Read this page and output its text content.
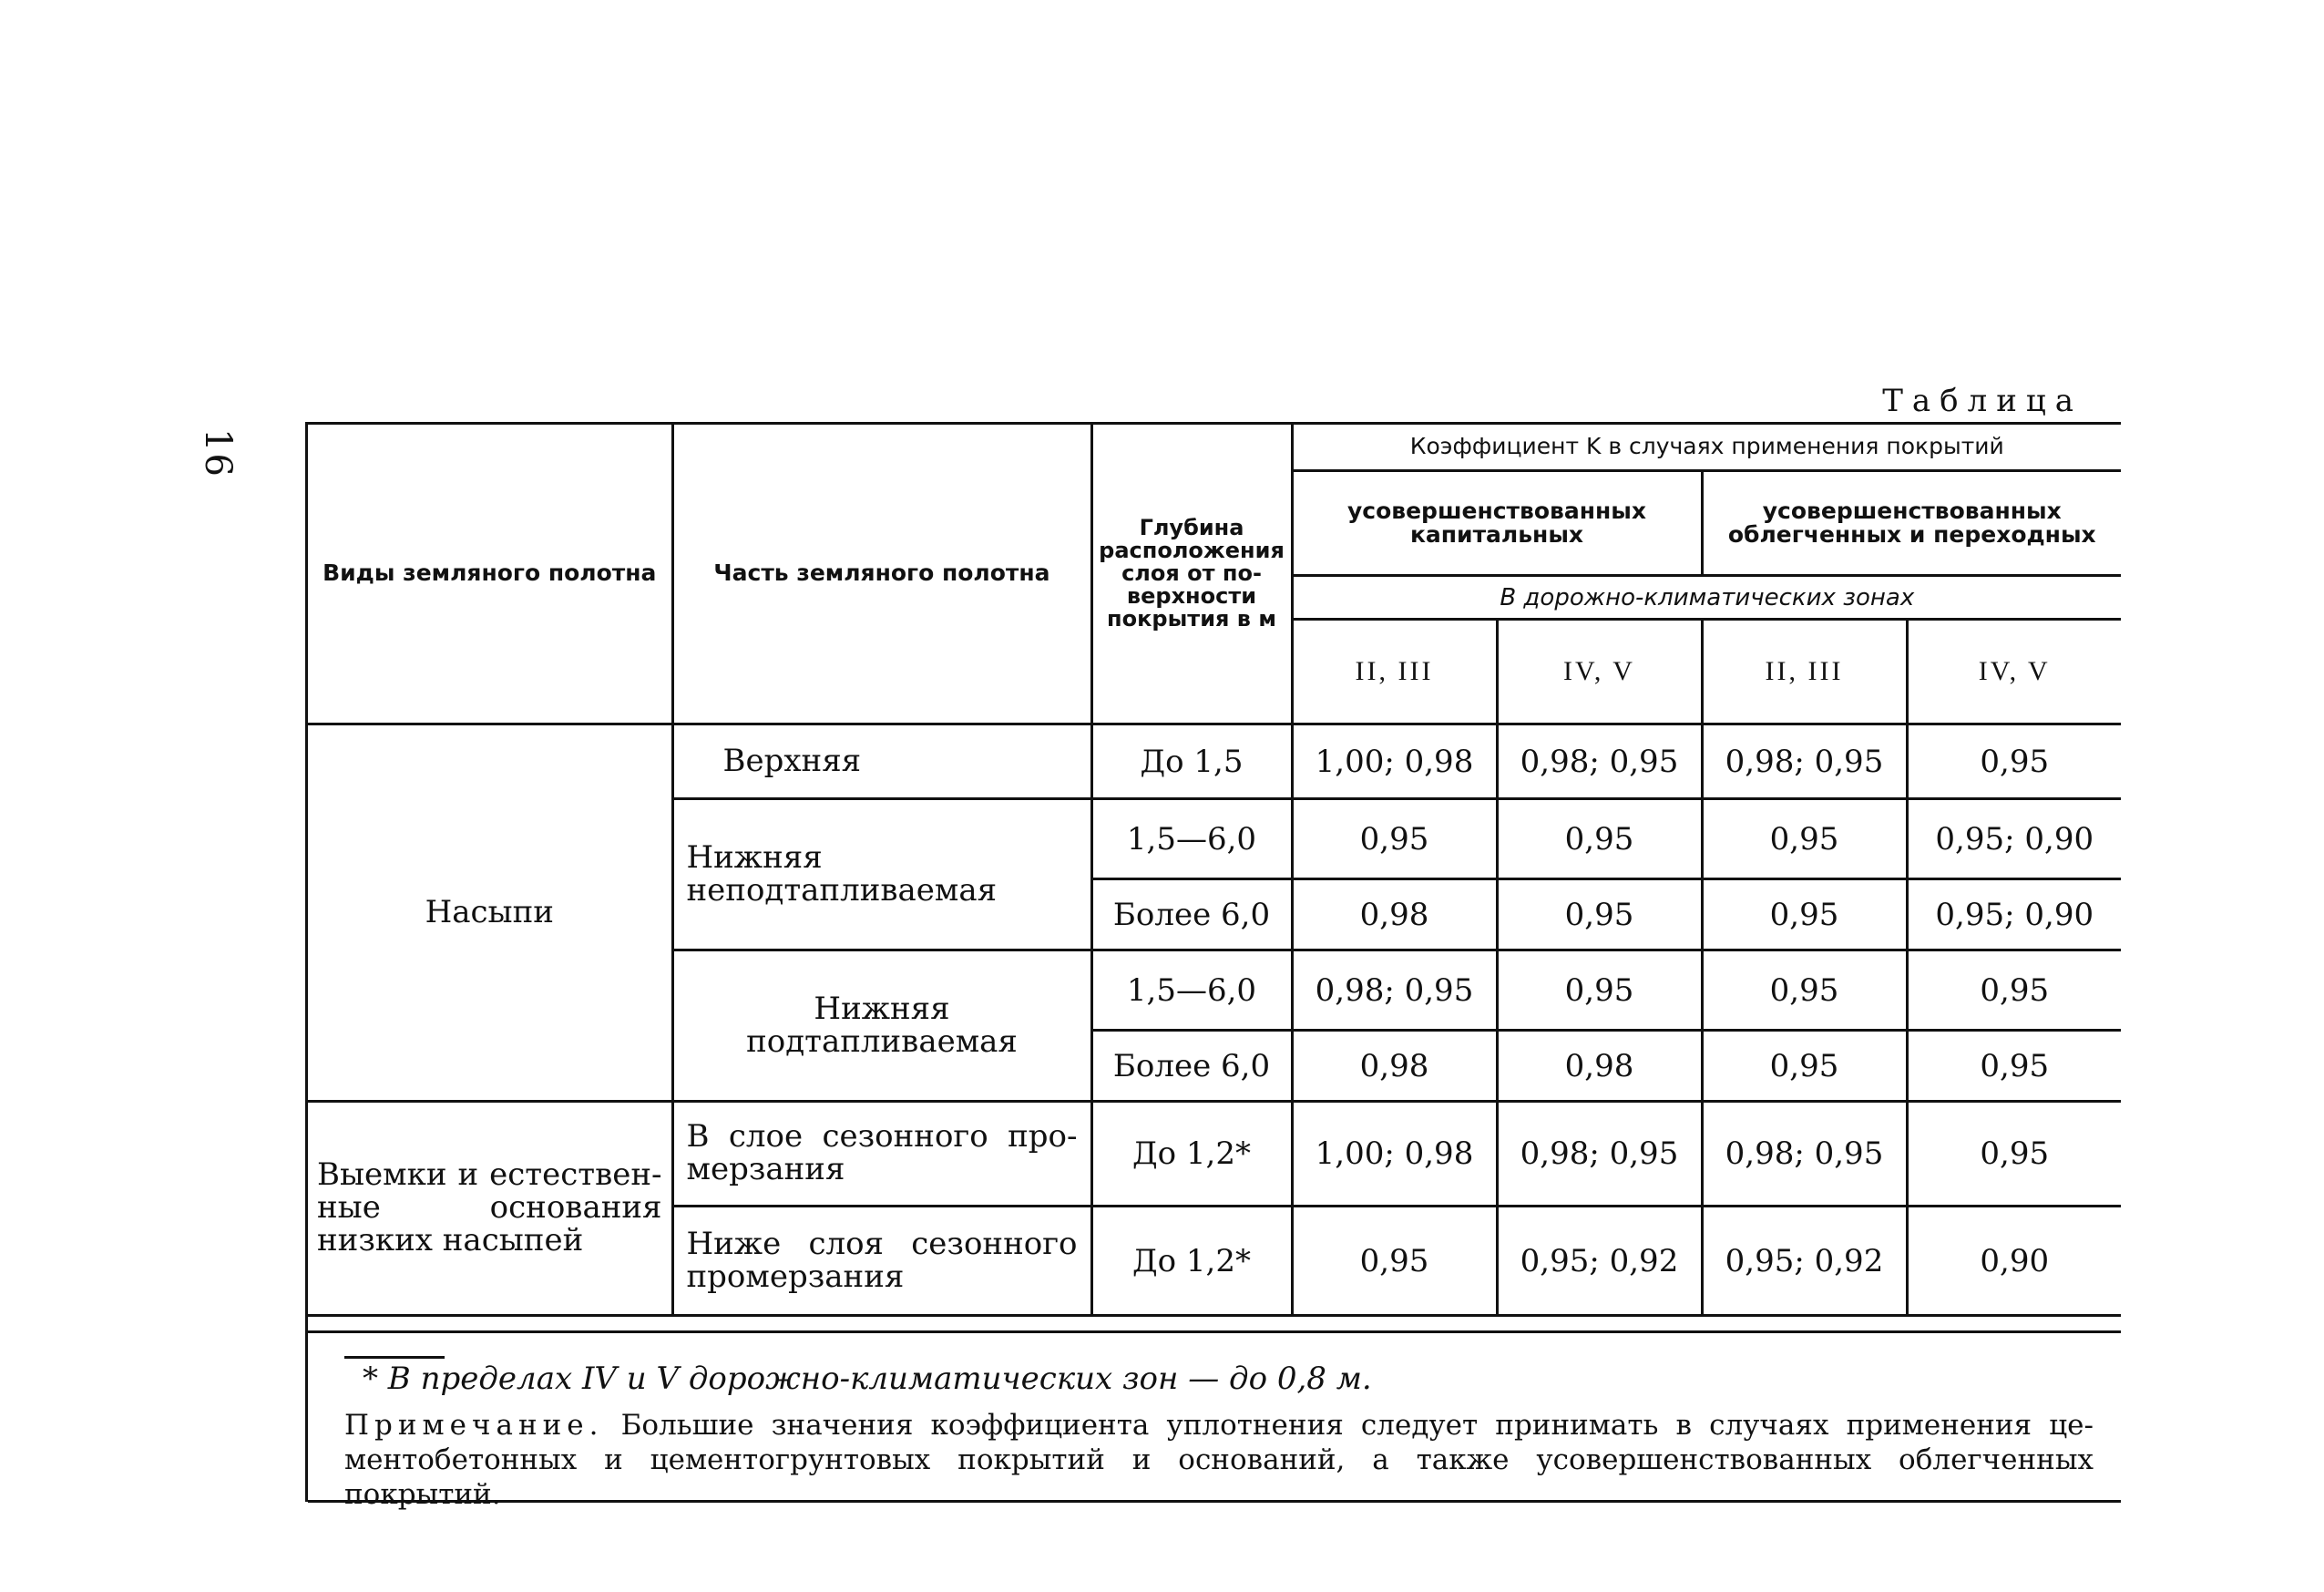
16
Таблица
Виды земляного полотна	Часть земляного полотна	Глубина расположения слоя от поверхности покрытия в м	Коэффициент K в случаях применения покрытий			
			усовершенствованных капитальных		усовершенствованных облегченных и переходных	
			В дорожно-климатических зонах			
			II, III	IV, V	II, III	IV, V
Насыпи	Верхняя	До 1,5	1,00; 0,98	0,98; 0,95	0,98; 0,95	0,95
	Нижняя неподтапливаемая	1,5—6,0	0,95	0,95	0,95	0,95; 0,90
		Более 6,0	0,98	0,95	0,95	0,95; 0,90
	Нижняя подтапливаемая	1,5—6,0	0,98; 0,95	0,95	0,95	0,95
		Более 6,0	0,98	0,98	0,95	0,95
Выемки и естественные основания низких насыпей	В слое сезонного промерзания	До 1,2*	1,00; 0,98	0,98; 0,95	0,98; 0,95	0,95
	Ниже слоя сезонного промерзания	До 1,2*	0,95	0,95; 0,92	0,95; 0,92	0,90
* В пределах IV и V дорожно-климатических зон — до 0,8 м.
Примечание. Большие значения коэффициента уплотнения следует принимать в случаях применения цементобетонных и цементогрунтовых покрытий и оснований, а также усовершенствованных облегченных покрытий.
